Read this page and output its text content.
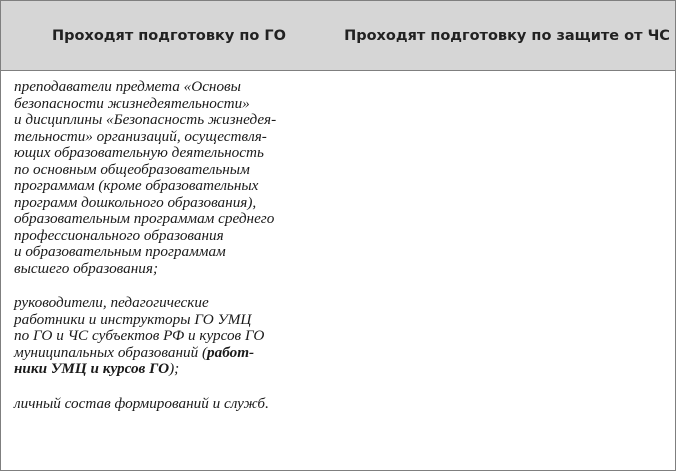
Проходят подготовку по ГО	Проходят подготовку по защите от ЧС

преподаватели предмета «Основы
безопасности жизнедеятельности»
и дисциплины «Безопасность жизнедея-
тельности» организаций, осуществля-
ющих образовательную деятельность
по основным общеобразовательным
программам (кроме образовательных
программ дошкольного образования),
образовательным программам среднего
профессионального образования
и образовательным программам
высшего образования;

руководители, педагогические
работники и инструкторы ГО УМЦ
по ГО и ЧС субъектов РФ и курсов ГО
муниципальных образований (работ-
ники УМЦ и курсов ГО);

личный состав формирований и служб.
